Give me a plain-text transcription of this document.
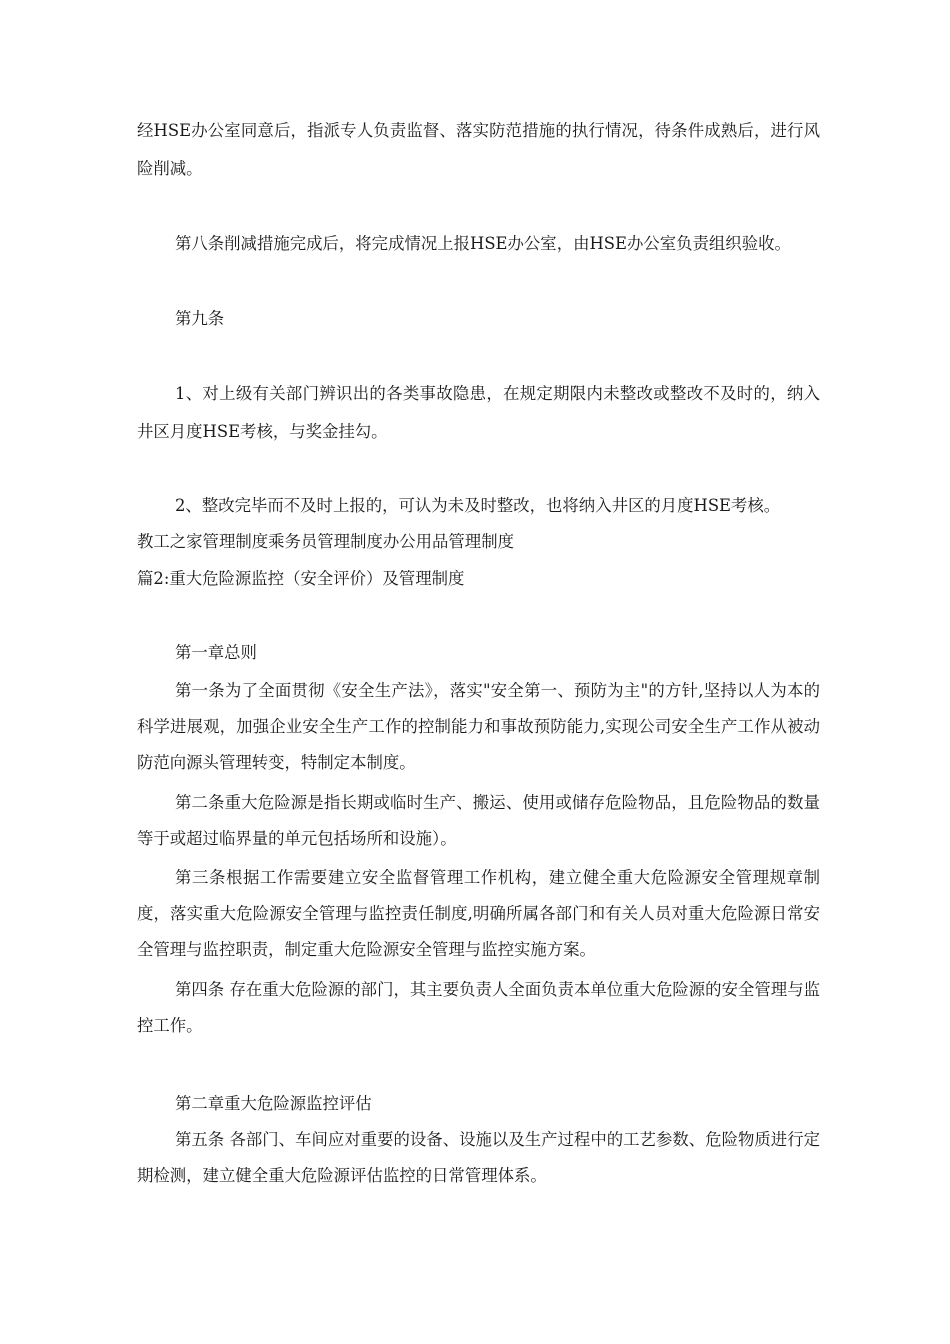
经HSE办公室同意后，指派专人负责监督、落实防范措施的执行情况，待条件成熟后，进行风险削减。

第八条削减措施完成后，将完成情况上报HSE办公室，由HSE办公室负责组织验收。

第九条

1、对上级有关部门辨识出的各类事故隐患，在规定期限内未整改或整改不及时的，纳入井区月度HSE考核，与奖金挂勾。

2、整改完毕而不及时上报的，可认为未及时整改，也将纳入井区的月度HSE考核。

教工之家管理制度乘务员管理制度办公用品管理制度

篇2:重大危险源监控（安全评价）及管理制度

第一章总则

第一条为了全面贯彻《安全生产法》，落实"安全第一、预防为主"的方针,坚持以人为本的科学进展观，加强企业安全生产工作的控制能力和事故预防能力,实现公司安全生产工作从被动防范向源头管理转变，特制定本制度。

第二条重大危险源是指长期或临时生产、搬运、使用或储存危险物品，且危险物品的数量等于或超过临界量的单元包括场所和设施）。

第三条根据工作需要建立安全监督管理工作机构，建立健全重大危险源安全管理规章制度，落实重大危险源安全管理与监控责任制度,明确所属各部门和有关人员对重大危险源日常安全管理与监控职责，制定重大危险源安全管理与监控实施方案。

第四条 存在重大危险源的部门，其主要负责人全面负责本单位重大危险源的安全管理与监控工作。

第二章重大危险源监控评估

第五条 各部门、车间应对重要的设备、设施以及生产过程中的工艺参数、危险物质进行定期检测，建立健全重大危险源评估监控的日常管理体系。
